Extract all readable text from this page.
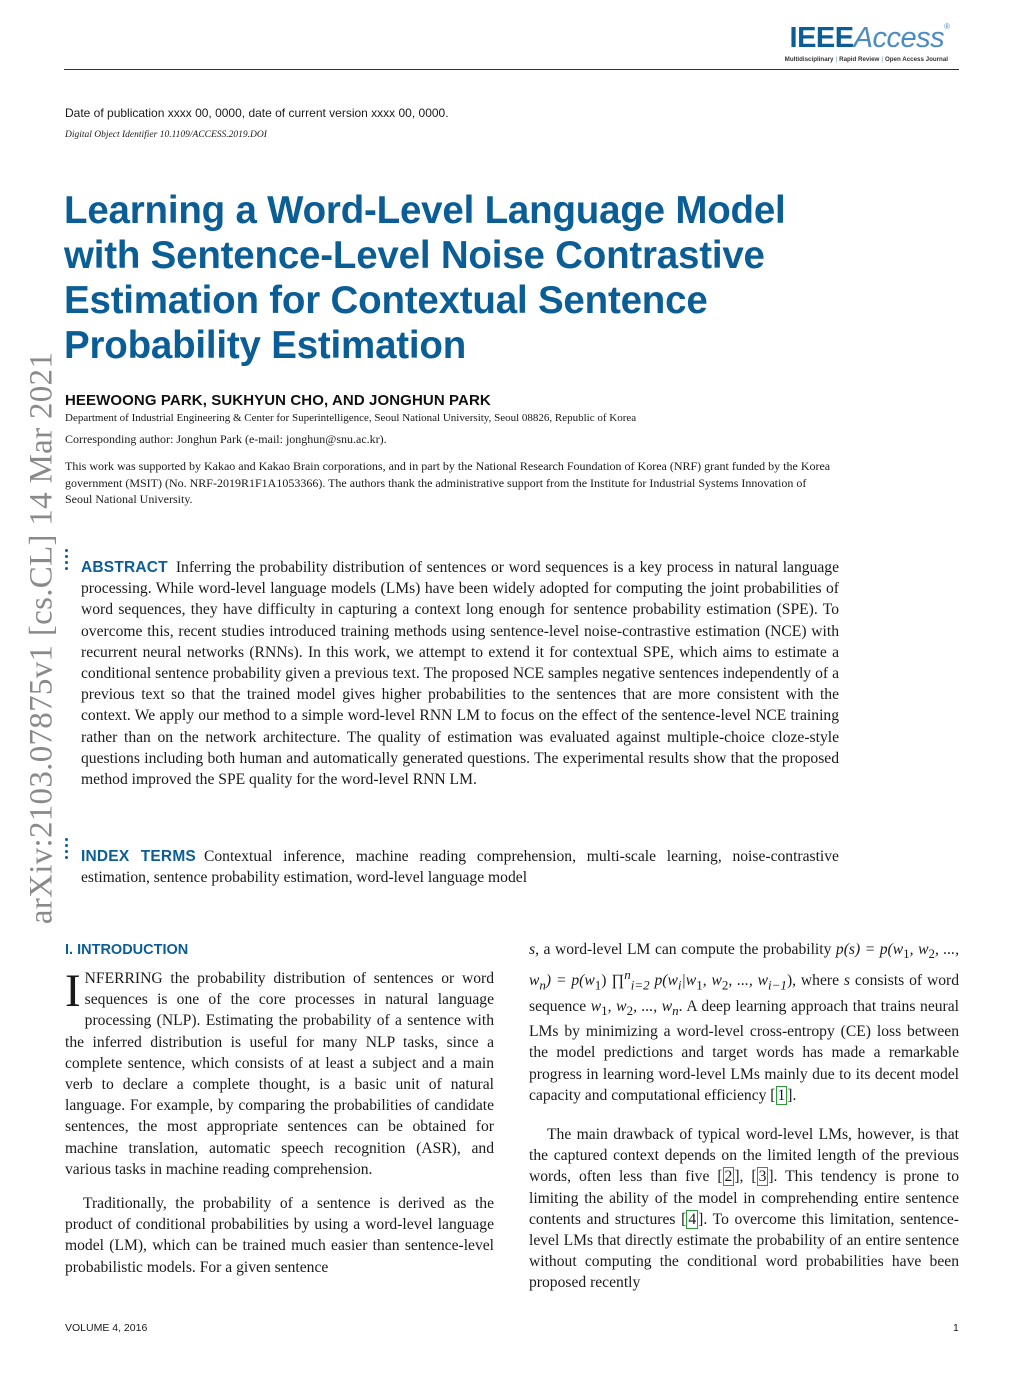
IEEEAccess®
Multidisciplinary | Rapid Review | Open Access Journal
Date of publication xxxx 00, 0000, date of current version xxxx 00, 0000.
Digital Object Identifier 10.1109/ACCESS.2019.DOI
Learning a Word-Level Language Model
with Sentence-Level Noise Contrastive
Estimation for Contextual Sentence
Probability Estimation
HEEWOONG PARK, SUKHYUN CHO, AND JONGHUN PARK
Department of Industrial Engineering & Center for Superintelligence, Seoul National University, Seoul 08826, Republic of Korea
Corresponding author: Jonghun Park (e-mail: jonghun@snu.ac.kr).
This work was supported by Kakao and Kakao Brain corporations, and in part by the National Research Foundation of Korea (NRF) grant funded by the Korea government (MSIT) (No. NRF-2019R1F1A1053366). The authors thank the administrative support from the Institute for Industrial Systems Innovation of Seoul National University.
arXiv:2103.07875v1 [cs.CL] 14 Mar 2021 ABSTRACT Inferring the probability distribution of sentences or word sequences is a key process in natural language processing. While word-level language models (LMs) have been widely adopted for computing the joint probabilities of word sequences, they have difficulty in capturing a context long enough for sentence probability estimation (SPE). To overcome this, recent studies introduced training methods using sentence-level noise-contrastive estimation (NCE) with recurrent neural networks (RNNs). In this work, we attempt to extend it for contextual SPE, which aims to estimate a conditional sentence probability given a previous text. The proposed NCE samples negative sentences independently of a previous text so that the trained model gives higher probabilities to the sentences that are more consistent with the context. We apply our method to a simple word-level RNN LM to focus on the effect of the sentence-level NCE training rather than on the network architecture. The quality of estimation was evaluated against multiple-choice cloze-style questions including both human and automatically generated questions. The experimental results show that the proposed method improved the SPE quality for the word-level RNN LM.

INDEX TERMS Contextual inference, machine reading comprehension, multi-scale learning, noise-contrastive estimation, sentence probability estimation, word-level language model

I. INTRODUCTION

INFERRING the probability distribution of sentences or word sequences is one of the core processes in natural language processing (NLP). Estimating the probability of a sentence with the inferred distribution is useful for many NLP tasks, since a complete sentence, which consists of at least a subject and a main verb to declare a complete thought, is a basic unit of natural language. For example, by comparing the probabilities of candidate sentences, the most appropriate sentences can be obtained for machine translation, automatic speech recognition (ASR), and various tasks in machine reading comprehension.

Traditionally, the probability of a sentence is derived as the product of conditional probabilities by using a word-level language model (LM), which can be trained much easier than sentence-level probabilistic models. For a given sentence

s, a word-level LM can compute the probability $p(s) = p(w_1$, $w_2$, ..., $w_n) = p(w_1)$ ∏$^n_{i=2}$ $p(w_i|w_1$, $w_2$, ..., $w_{i-1}$), where s consists of word sequence $w_1$, $w_2$, ..., $w_n$. A deep learning approach that trains neural LMs by minimizing a word-level cross-entropy (CE) loss between the model predictions and target words has made a remarkable progress in learning word-level LMs mainly due to its decent model capacity and computational efficiency [ 1 ].

The main drawback of typical word-level LMs, however, is that the captured context depends on the limited length of the previous words, often less than five [ 2 ], [ 3 ]. This tendency is prone to limiting the ability of the model in comprehending entire sentence contents and structures [ 4 ]. To overcome this limitation, sentence-level LMs that directly estimate the probability of an entire sentence without computing the conditional word probabilities have been proposed recently

VOLUME 4, 2016	1
